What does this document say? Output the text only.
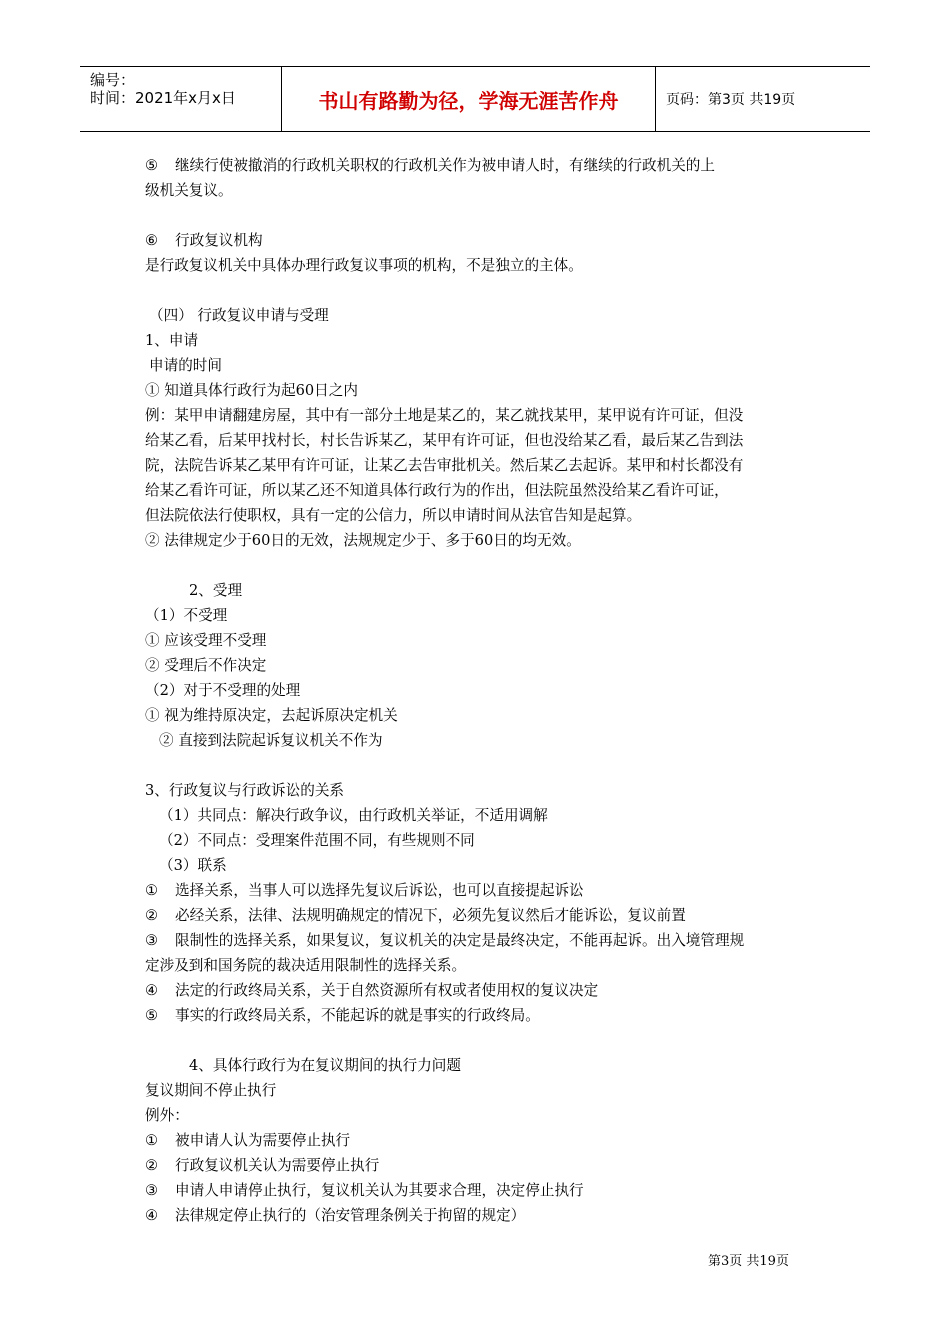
编号：
时间：2021年x月x日	书山有路勤为径，学海无涯苦作舟	页码：第3页 共19页
⑤ 继续行使被撤消的行政机关职权的行政机关作为被申请人时，有继续的行政机关的上
级机关复议。
⑥ 行政复议机构
是行政复议机关中具体办理行政复议事项的机构，不是独立的主体。
（四） 行政复议申请与受理
1、申请
申请的时间
① 知道具体行政行为起60日之内
例：某甲申请翻建房屋，其中有一部分土地是某乙的，某乙就找某甲，某甲说有许可证，但没
给某乙看，后某甲找村长，村长告诉某乙，某甲有许可证，但也没给某乙看，最后某乙告到法
院，法院告诉某乙某甲有许可证，让某乙去告审批机关。然后某乙去起诉。某甲和村长都没有
给某乙看许可证，所以某乙还不知道具体行政行为的作出，但法院虽然没给某乙看许可证，
但法院依法行使职权，具有一定的公信力，所以申请时间从法官告知是起算。
② 法律规定少于60日的无效，法规规定少于、多于60日的均无效。
2、受理
（1）不受理
① 应该受理不受理
② 受理后不作决定
（2）对于不受理的处理
① 视为维持原决定，去起诉原决定机关
② 直接到法院起诉复议机关不作为
3、行政复议与行政诉讼的关系
（1）共同点：解决行政争议，由行政机关举证，不适用调解
（2）不同点：受理案件范围不同，有些规则不同
（3）联系
① 选择关系，当事人可以选择先复议后诉讼，也可以直接提起诉讼
② 必经关系，法律、法规明确规定的情况下，必须先复议然后才能诉讼，复议前置
③ 限制性的选择关系，如果复议，复议机关的决定是最终决定，不能再起诉。出入境管理规
定涉及到和国务院的裁决适用限制性的选择关系。
④ 法定的行政终局关系，关于自然资源所有权或者使用权的复议决定
⑤ 事实的行政终局关系，不能起诉的就是事实的行政终局。
4、具体行政行为在复议期间的执行力问题
复议期间不停止执行
例外：
① 被申请人认为需要停止执行
② 行政复议机关认为需要停止执行
③ 申请人申请停止执行，复议机关认为其要求合理，决定停止执行
④ 法律规定停止执行的（治安管理条例关于拘留的规定）
第3页 共19页
